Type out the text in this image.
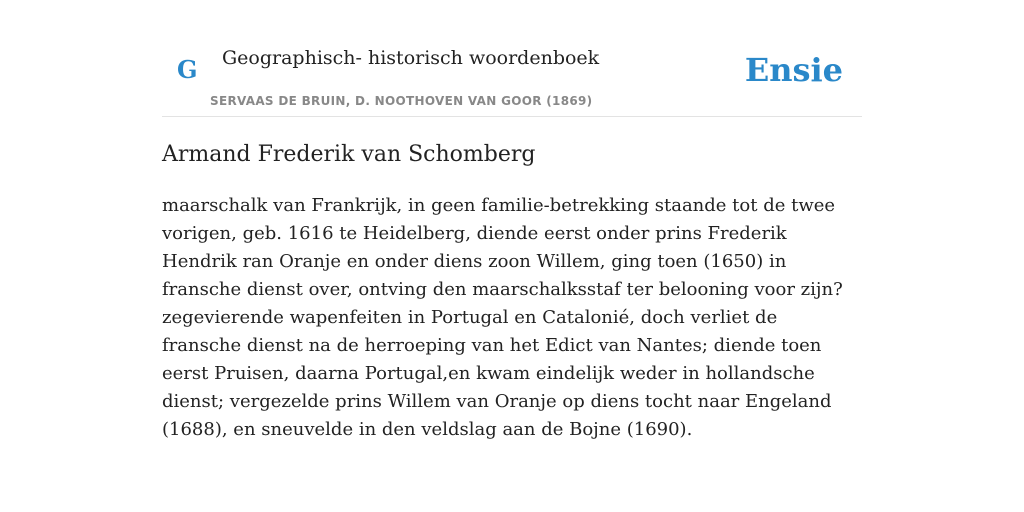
G Geographisch- historisch woordenboek
SERVAAS DE BRUIN, D. NOOTHOVEN VAN GOOR (1869)
Ensie
Armand Frederik van Schomberg

maarschalk van Frankrijk, in geen familie-betrekking staande tot de twee vorigen, geb. 1616 te Heidelberg, diende eerst onder prins Frederik Hendrik ran Oranje en onder diens zoon Willem, ging toen (1650) in fransche dienst over, ontving den maarschalksstaf ter belooning voor zijn? zegevierende wapenfeiten in Portugal en Catalonié, doch verliet de fransche dienst na de herroeping van het Edict van Nantes; diende toen eerst Pruisen, daarna Portugal,en kwam eindelijk weder in hollandsche dienst; vergezelde prins Willem van Oranje op diens tocht naar Engeland (1688), en sneuvelde in den veldslag aan de Bojne (1690).
